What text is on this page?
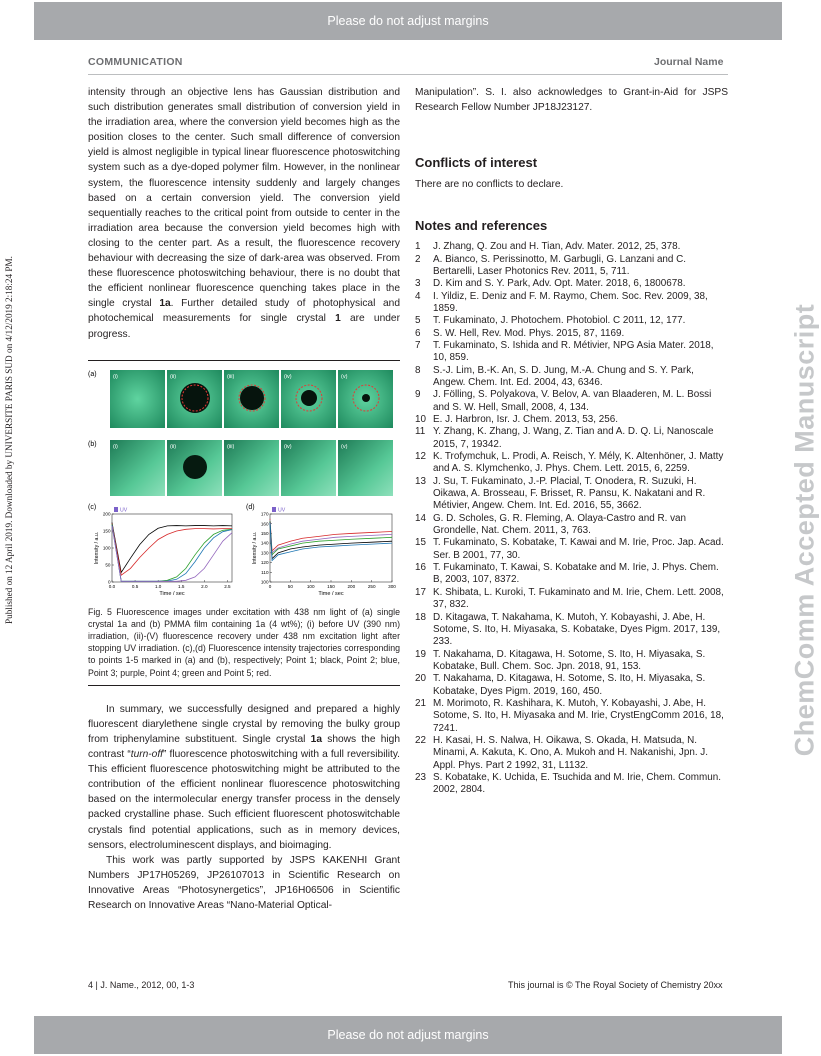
Please do not adjust margins
COMMUNICATION	Journal Name
Published on 12 April 2019. Downloaded by UNIVERSITE PARIS SUD on 4/12/2019 2:18:24 PM.	ChemComm Accepted Manuscript

intensity through an objective lens has Gaussian distribution and such distribution generates small distribution of conversion yield in the irradiation area, where the conversion yield becomes high as the position closes to the center. Such small difference of conversion yield is almost negligible in typical linear fluorescence photoswitching system such as a dye-doped polymer film. However, in the nonlinear system, the fluorescence intensity suddenly and largely changes based on a certain conversion yield. The conversion yield sequentially reaches to the critical point from outside to center in the irradiation area because the conversion yield becomes high with closing to the center part. As a result, the fluorescence recovery behaviour with decreasing the size of dark-area was observed. From these fluorescence photoswitching behaviour, there is no doubt that the efficient nonlinear fluorescence quenching takes place in the single crystal 1a. Further detailed study of photophysical and photochemical measurements for single crystal 1 are under progress.

(a)	(i)	(ii)	(iii)	(iv)	(v)
(b)	(i)	(ii)	(iii)	(iv)	(v)
(c)	(d)
0.0	0.5	1.0	1.5	2.0	2.5
0
50
100
150
200
Time / sec
Intensity / a.u.
UV
0	50	100	150	200	250	300
100
110
120
130
140
150
160
170
Time / sec
Intensity / a.u.
UV
Fig. 5 Fluorescence images under excitation with 438 nm light of (a) single crystal 1a and (b) PMMA film containing 1a (4 wt%); (i) before UV (390 nm) irradiation, (ii)-(V) fluorescence recovery under 438 nm excitation light after stopping UV irradiation. (c),(d) Fluorescence intensity trajectories corresponding to points 1-5 marked in (a) and (b), respectively; Point 1; black, Point 2; blue, Point 3; purple, Point 4; green and Point 5; red.

In summary, we successfully designed and prepared a highly fluorescent diarylethene single crystal by removing the bulky group from triphenylamine substituent. Single crystal 1a shows the high contrast “turn-off” fluorescence photoswitching with a full reversibility. This efficient fluorescence photoswitching might be attributed to the contribution of the efficient nonlinear fluorescence photoswitching based on the intermolecular energy transfer process in the densely packed crystalline phase. Such efficient fluorescent photoswitchable crystals find potential applications, such as in memory devices, sensors, electroluminescent displays, and bioimaging.

This work was partly supported by JSPS KAKENHI Grant Numbers JP17H05269, JP26107013 in Scientific Research on Innovative Areas “Photosynergetics”, JP16H06506 in Scientific Research on Innovative Areas “Nano-Material Optical-

Manipulation”. S. I. also acknowledges to Grant-in-Aid for JSPS Research Fellow Number JP18J23127.
Conflicts of interest
There are no conflicts to declare.
Notes and references
1	J. Zhang, Q. Zou and H. Tian, Adv. Mater. 2012, 25, 378.
2	A. Bianco, S. Perissinotto, M. Garbugli, G. Lanzani and C. Bertarelli, Laser Photonics Rev. 2011, 5, 711.
3	D. Kim and S. Y. Park, Adv. Opt. Mater. 2018, 6, 1800678.
4	I. Yildiz, E. Deniz and F. M. Raymo, Chem. Soc. Rev. 2009, 38, 1859.
5	T. Fukaminato, J. Photochem. Photobiol. C 2011, 12, 177.
6	S. W. Hell, Rev. Mod. Phys. 2015, 87, 1169.
7	T. Fukaminato, S. Ishida and R. Métivier, NPG Asia Mater. 2018, 10, 859.
8	S.-J. Lim, B.-K. An, S. D. Jung, M.-A. Chung and S. Y. Park, Angew. Chem. Int. Ed. 2004, 43, 6346.
9	J. Fölling, S. Polyakova, V. Belov, A. van Blaaderen, M. L. Bossi and S. W. Hell, Small, 2008, 4, 134.
10 E. J. Harbron, Isr. J. Chem. 2013, 53, 256.
11 Y. Zhang, K. Zhang, J. Wang, Z. Tian and A. D. Q. Li, Nanoscale 2015, 7, 19342.
12 K. Trofymchuk, L. Prodi, A. Reisch, Y. Mély, K. Altenhöner, J. Matty and A. S. Klymchenko, J. Phys. Chem. Lett. 2015, 6, 2259.
13 J. Su, T. Fukaminato, J.-P. Placial, T. Onodera, R. Suzuki, H. Oikawa, A. Brosseau, F. Brisset, R. Pansu, K. Nakatani and R. Métivier, Angew. Chem. Int. Ed. 2016, 55, 3662.
14 G. D. Scholes, G. R. Fleming, A. Olaya-Castro and R. van Grondelle, Nat. Chem. 2011, 3, 763.
15 T. Fukaminato, S. Kobatake, T. Kawai and M. Irie, Proc. Jap. Acad. Ser. B 2001, 77, 30.
16 T. Fukaminato, T. Kawai, S. Kobatake and M. Irie, J. Phys. Chem. B, 2003, 107, 8372.
17 K. Shibata, L. Kuroki, T. Fukaminato and M. Irie, Chem. Lett. 2008, 37, 832.
18 D. Kitagawa, T. Nakahama, K. Mutoh, Y. Kobayashi, J. Abe, H. Sotome, S. Ito, H. Miyasaka, S. Kobatake, Dyes Pigm. 2017, 139, 233.
19 T. Nakahama, D. Kitagawa, H. Sotome, S. Ito, H. Miyasaka, S. Kobatake, Bull. Chem. Soc. Jpn. 2018, 91, 153.
20 T. Nakahama, D. Kitagawa, H. Sotome, S. Ito, H. Miyasaka, S. Kobatake, Dyes Pigm. 2019, 160, 450.
21 M. Morimoto, R. Kashihara, K. Mutoh, Y. Kobayashi, J. Abe, H. Sotome, S. Ito, H. Miyasaka and M. Irie, CrystEngComm 2016, 18, 7241.
22 H. Kasai, H. S. Nalwa, H. Oikawa, S. Okada, H. Matsuda, N. Minami, A. Kakuta, K. Ono, A. Mukoh and H. Nakanishi, Jpn. J. Appl. Phys. Part 2 1992, 31, L1132.
23 S. Kobatake, K. Uchida, E. Tsuchida and M. Irie, Chem. Commun. 2002, 2804.
4 | J. Name., 2012, 00, 1-3	This journal is © The Royal Society of Chemistry 20xx
Please do not adjust margins
